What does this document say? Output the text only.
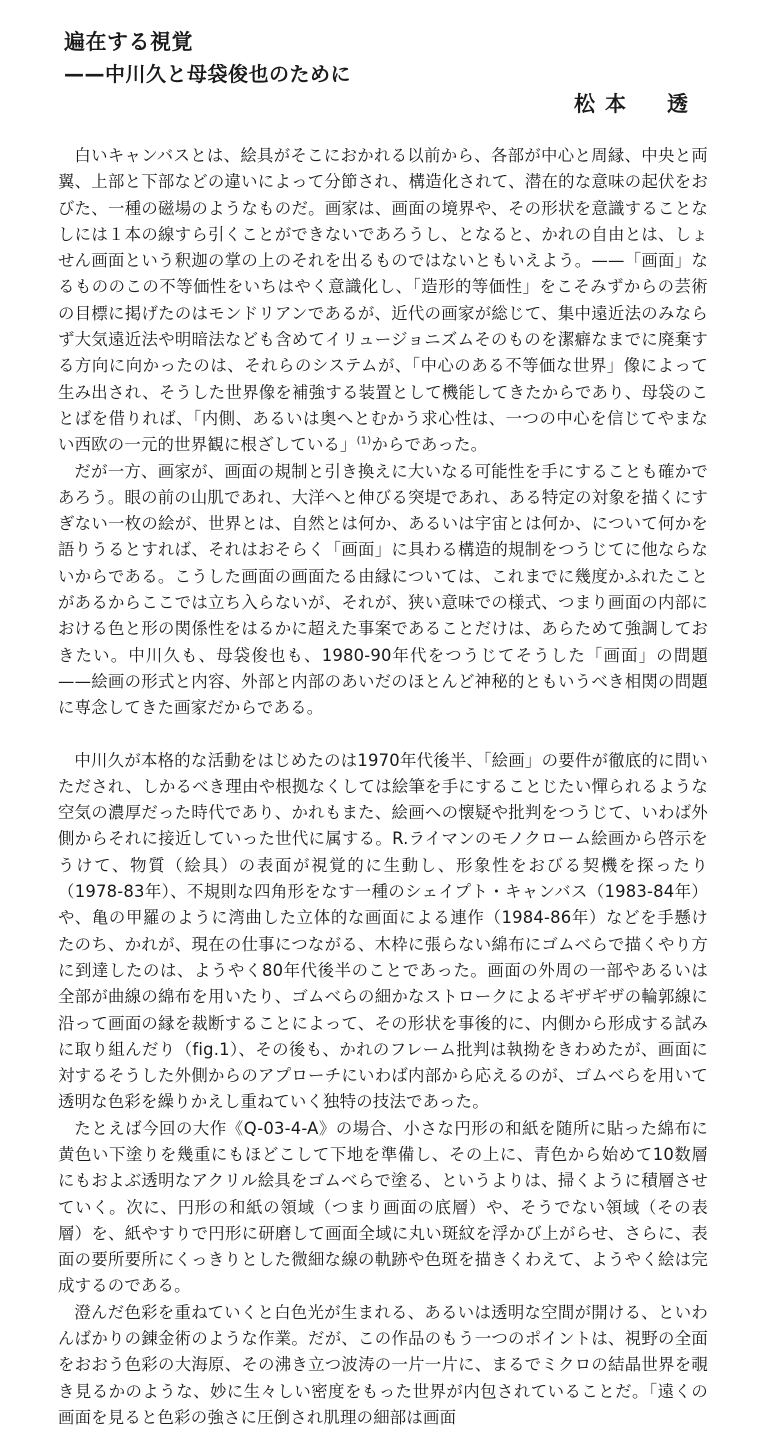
遍在する視覚
——中川久と母袋俊也のために
松本　透

白いキャンバスとは、絵具がそこにおかれる以前から、各部が中心と周縁、中央と両翼、上部と下部などの違いによって分節され、構造化されて、潜在的な意味の起伏をおびた、一種の磁場のようなものだ。画家は、画面の境界や、その形状を意識することなしには１本の線すら引くことができないであろうし、となると、かれの自由とは、しょせん画面という釈迦の掌の上のそれを出るものではないともいえよう。——「画面」なるもののこの不等価性をいちはやく意識化し、「造形的等価性」をこそみずからの芸術の目標に掲げたのはモンドリアンであるが、近代の画家が総じて、集中遠近法のみならず大気遠近法や明暗法なども含めてイリュージョニズムそのものを潔癖なまでに廃棄する方向に向かったのは、それらのシステムが、「中心のある不等価な世界」像によって生み出され、そうした世界像を補強する装置として機能してきたからであり、母袋のことばを借りれば、「内側、あるいは奥へとむかう求心性は、一つの中心を信じてやまない西欧の一元的世界観に根ざしている」$^{(1)}$からであった。

だが一方、画家が、画面の規制と引き換えに大いなる可能性を手にすることも確かであろう。眼の前の山肌であれ、大洋へと伸びる突堤であれ、ある特定の対象を描くにすぎない一枚の絵が、世界とは、自然とは何か、あるいは宇宙とは何か、について何かを語りうるとすれば、それはおそらく「画面」に具わる構造的規制をつうじてに他ならないからである。こうした画面の画面たる由縁については、これまでに幾度かふれたことがあるからここでは立ち入らないが、それが、狭い意味での様式、つまり画面の内部における色と形の関係性をはるかに超えた事案であることだけは、あらためて強調しておきたい。中川久も、母袋俊也も、1980-90年代をつうじてそうした「画面」の問題——絵画の形式と内容、外部と内部のあいだのほとんど神秘的ともいうべき相関の問題に専念してきた画家だからである。

中川久が本格的な活動をはじめたのは1970年代後半、「絵画」の要件が徹底的に問いただされ、しかるべき理由や根拠なくしては絵筆を手にすることじたい憚られるような空気の濃厚だった時代であり、かれもまた、絵画への懐疑や批判をつうじて、いわば外側からそれに接近していった世代に属する。R.ライマンのモノクローム絵画から啓示をうけて、物質（絵具）の表面が視覚的に生動し、形象性をおびる契機を探ったり（1978-83年）、不規則な四角形をなす一種のシェイプト・キャンバス（1983-84年）や、亀の甲羅のように湾曲した立体的な画面による連作（1984-86年）などを手懸けたのち、かれが、現在の仕事につながる、木枠に張らない綿布にゴムべらで描くやり方に到達したのは、ようやく80年代後半のことであった。画面の外周の一部やあるいは全部が曲線の綿布を用いたり、ゴムべらの細かなストロークによるギザギザの輪郭線に沿って画面の縁を裁断することによって、その形状を事後的に、内側から形成する試みに取り組んだり（fig.1）、その後も、かれのフレーム批判は執拗をきわめたが、画面に対するそうした外側からのアプローチにいわば内部から応えるのが、ゴムべらを用いて透明な色彩を繰りかえし重ねていく独特の技法であった。

たとえば今回の大作《Q-03-4-A》の場合、小さな円形の和紙を随所に貼った綿布に黄色い下塗りを幾重にもほどこして下地を準備し、その上に、青色から始めて10数層にもおよぶ透明なアクリル絵具をゴムべらで塗る、というよりは、掃くように積層させていく。次に、円形の和紙の領域（つまり画面の底層）や、そうでない領域（その表層）を、紙やすりで円形に研磨して画面全域に丸い斑紋を浮かび上がらせ、さらに、表面の要所要所にくっきりとした微細な線の軌跡や色斑を描きくわえて、ようやく絵は完成するのである。

澄んだ色彩を重ねていくと白色光が生まれる、あるいは透明な空間が開ける、といわんばかりの錬金術のような作業。だが、この作品のもう一つのポイントは、視野の全面をおおう色彩の大海原、その沸き立つ波涛の一片一片に、まるでミクロの結晶世界を覗き見るかのような、妙に生々しい密度をもった世界が内包されていることだ。「遠くの画面を見ると色彩の強さに圧倒され肌理の細部は画面
